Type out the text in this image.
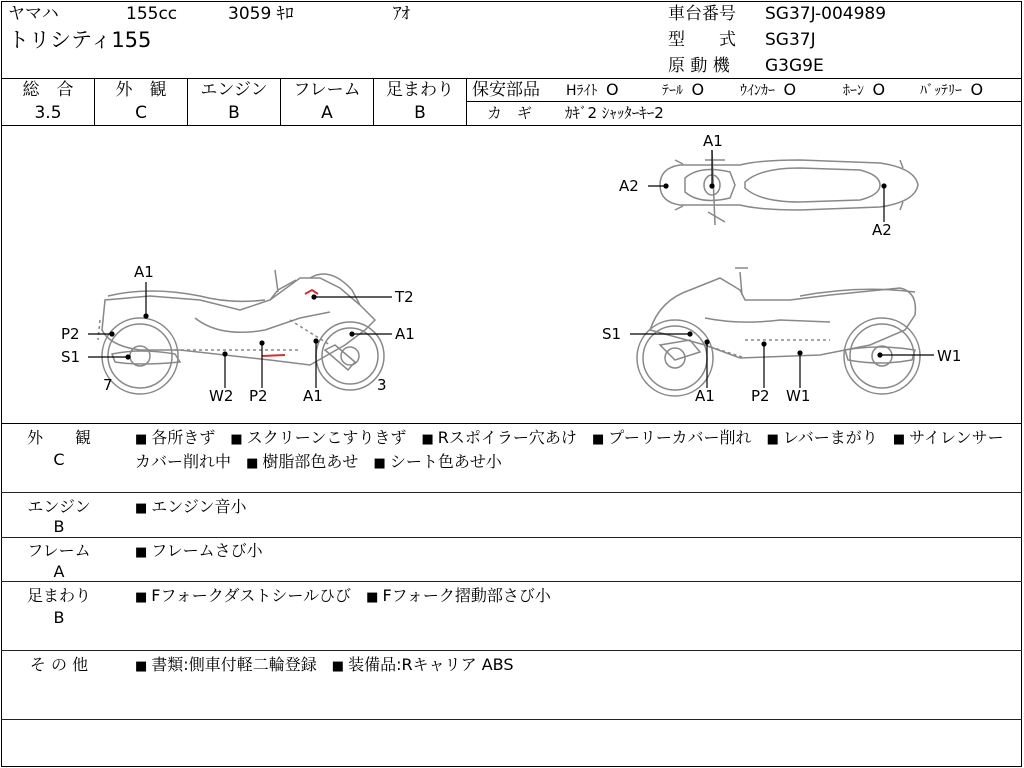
ヤマハ	155cc	3059 ｷﾛ	ｱｵ
トリシティ155
車台番号 SG37J-004989
型　　式 SG37J
原 動 機 G3G9E
総　合
3.5
外　観
C
エンジン
B
フレーム
A
足まわり
B
保安部品 Hﾗｲﾄ O	ﾃｰﾙ O	ｳｲﾝｶｰ O	ﾎｰﾝ O ﾊﾞｯﾃﾘｰ O
カ　ギ ｶｷﾞ2 ｼｬｯﾀｰｷｰ2
A1
P2
S1
7
T2
A1
3
W2 P2 A1
A1
A2
A2
S1
W1
A1 P2 W1
外　　観
C
■ 各所きず ■ スクリーンこすりきず ■ Rスポイラー穴あけ ■ プーリーカバー削れ ■ レバーまがり ■ サイレンサーカバー削れ中 ■ 樹脂部色あせ ■ シート色あせ小
エンジン
B
■ エンジン音小
フレーム
A
■ フレームさび小
足まわり
B
■ Fフォークダストシールひび ■ Fフォーク摺動部さび小
そ の 他	■ 書類:側車付軽二輪登録 ■ 装備品:Rキャリア ABS
